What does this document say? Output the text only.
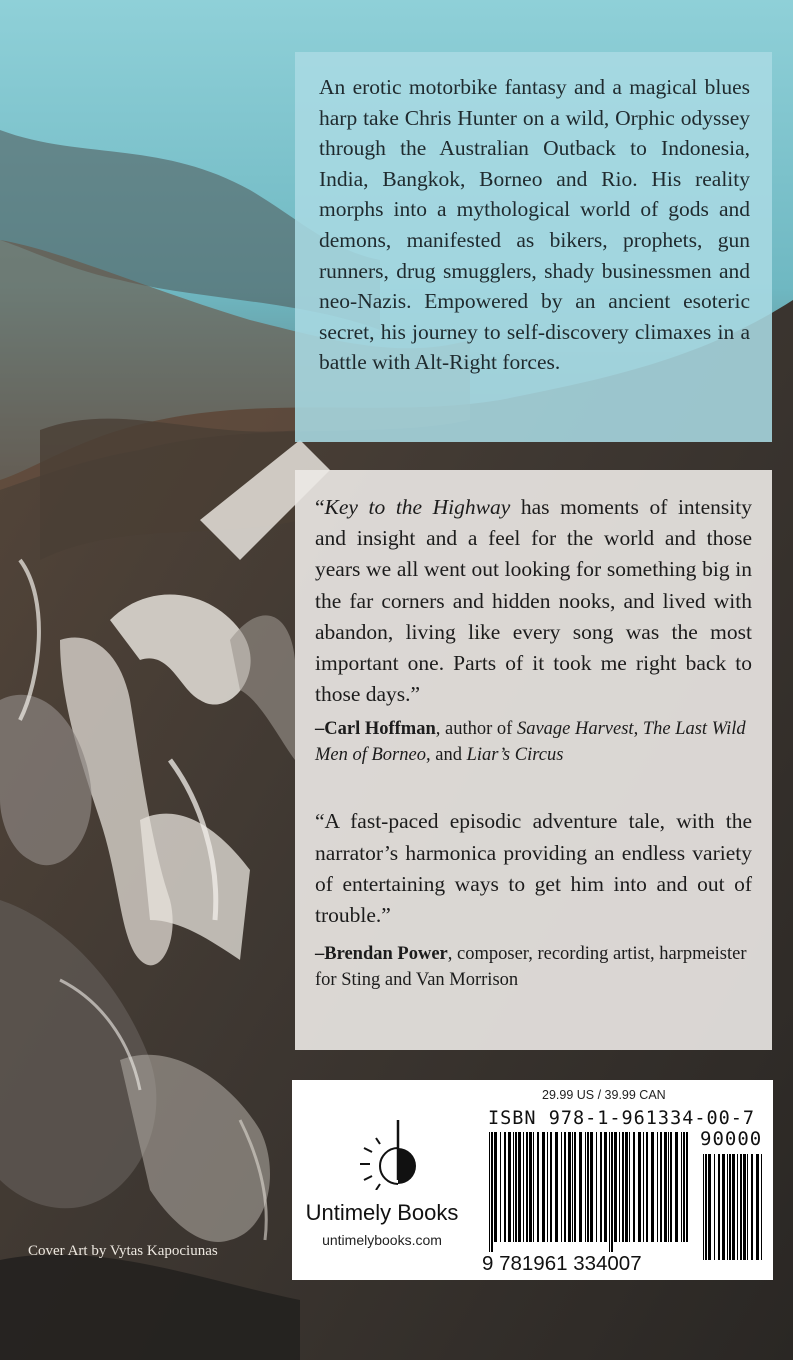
An erotic motorbike fantasy and a magical blues harp take Chris Hunter on a wild, Orphic odyssey through the Australian Outback to Indonesia, India, Bangkok, Borneo and Rio. His reality morphs into a mythological world of gods and demons, manifested as bikers, prophets, gun runners, drug smugglers, shady businessmen and neo-Nazis. Empowered by an ancient esoteric secret, his journey to self-discovery climaxes in a battle with Alt-Right forces.

“Key to the Highway has moments of intensity and insight and a feel for the world and those years we all went out looking for something big in the far corners and hidden nooks, and lived with abandon, living like every song was the most important one. Parts of it took me right back to those days.”

–Carl Hoffman, author of Savage Harvest, The Last Wild Men of Borneo, and Liar’s Circus

“A fast-paced episodic adventure tale, with the narrator’s harmonica providing an endless variety of entertaining ways to get him into and out of trouble.”

–Brendan Power, composer, recording artist, harpmeister for Sting and Van Morrison

Untimely Books
untimelybooks.com
29.99 US / 39.99 CAN
ISBN 978-1-961334-00-7
90000
9 781961 334007
Cover Art by Vytas Kapociunas
